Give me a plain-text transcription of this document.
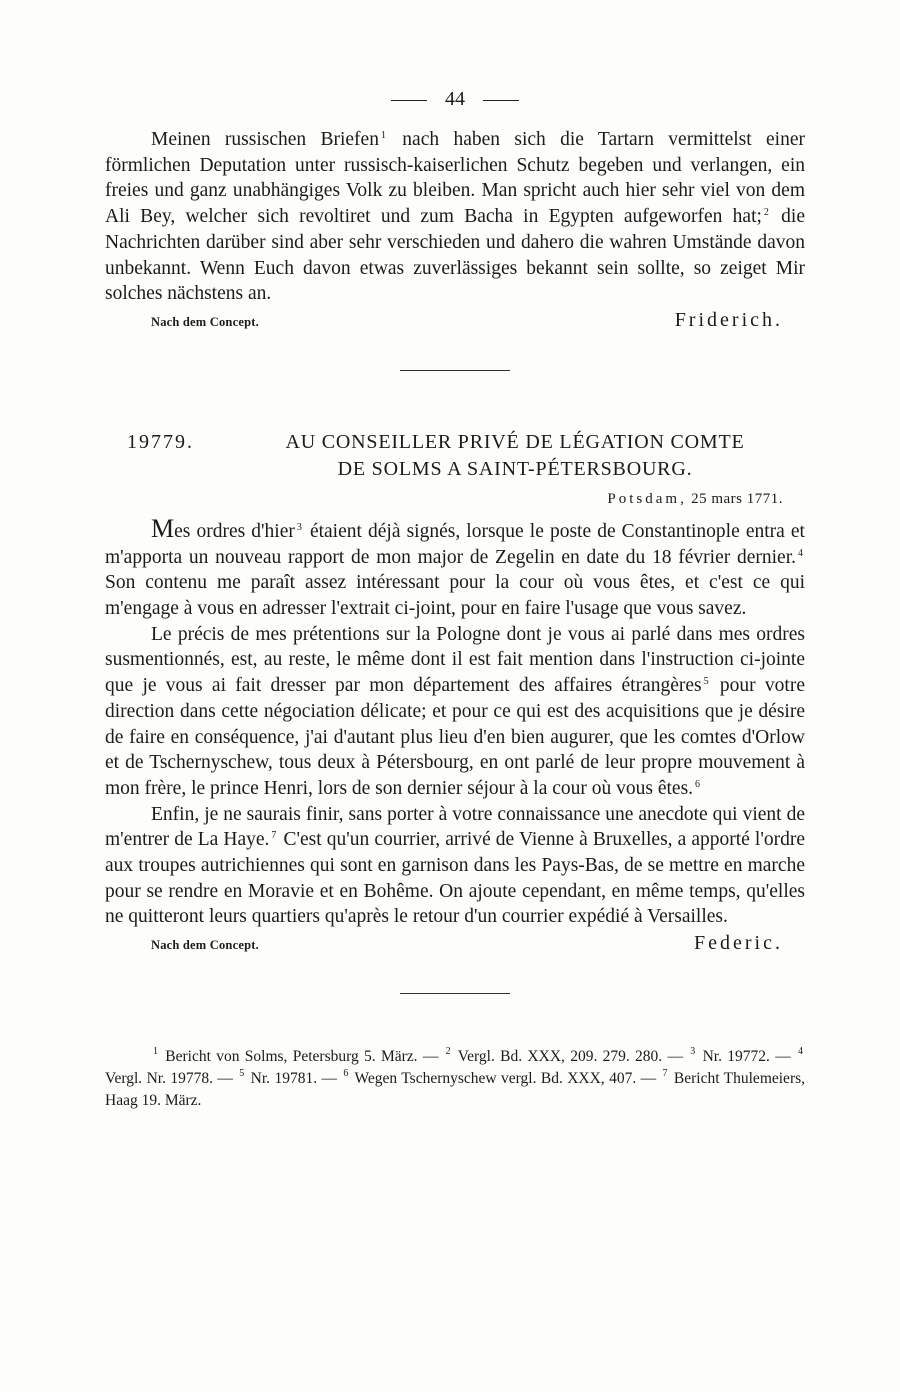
44

Meinen russischen Briefen $^1$ nach haben sich die Tartarn vermittelst einer förmlichen Deputation unter russisch-kaiserlichen Schutz begeben und verlangen, ein freies und ganz unabhängiges Volk zu bleiben. Man spricht auch hier sehr viel von dem Ali Bey, welcher sich revoltiret und zum Bacha in Egypten aufgeworfen hat; $^2$ die Nachrichten darüber sind aber sehr verschieden und dahero die wahren Umstände davon unbekannt. Wenn Euch davon etwas zuverlässiges bekannt sein sollte, so zeiget Mir solches nächstens an.

Nach dem Concept.	Friderich.
19779.	AU CONSEILLER PRIVÉ DE LÉGATION COMTE
DE SOLMS A SAINT-PÉTERSBOURG.
Potsdam, 25 mars 1771.

Mes ordres d'hier $^3$ étaient déjà signés, lorsque le poste de Constantinople entra et m'apporta un nouveau rapport de mon major de Zegelin en date du 18 février dernier. $^4$ Son contenu me paraît assez intéressant pour la cour où vous êtes, et c'est ce qui m'engage à vous en adresser l'extrait ci-joint, pour en faire l'usage que vous savez.

Le précis de mes prétentions sur la Pologne dont je vous ai parlé dans mes ordres susmentionnés, est, au reste, le même dont il est fait mention dans l'instruction ci-jointe que je vous ai fait dresser par mon département des affaires étrangères $^5$ pour votre direction dans cette négociation délicate; et pour ce qui est des acquisitions que je désire de faire en conséquence, j'ai d'autant plus lieu d'en bien augurer, que les comtes d'Orlow et de Tschernyschew, tous deux à Pétersbourg, en ont parlé de leur propre mouvement à mon frère, le prince Henri, lors de son dernier séjour à la cour où vous êtes. $^6$

Enfin, je ne saurais finir, sans porter à votre connaissance une anecdote qui vient de m'entrer de La Haye. $^7$ C'est qu'un courrier, arrivé de Vienne à Bruxelles, a apporté l'ordre aux troupes autrichiennes qui sont en garnison dans les Pays-Bas, de se mettre en marche pour se rendre en Moravie et en Bohême. On ajoute cependant, en même temps, qu'elles ne quitteront leurs quartiers qu'après le retour d'un courrier expédié à Versailles.

Nach dem Concept.	Federic.
$^1$ Bericht von Solms, Petersburg 5. März. — $^2$ Vergl. Bd. XXX, 209. 279. 280. — $^3$ Nr. 19772. — $^4$ Vergl. Nr. 19778. — $^5$ Nr. 19781. — $^6$ Wegen Tschernyschew vergl. Bd. XXX, 407. — $^7$ Bericht Thulemeiers, Haag 19. März.
